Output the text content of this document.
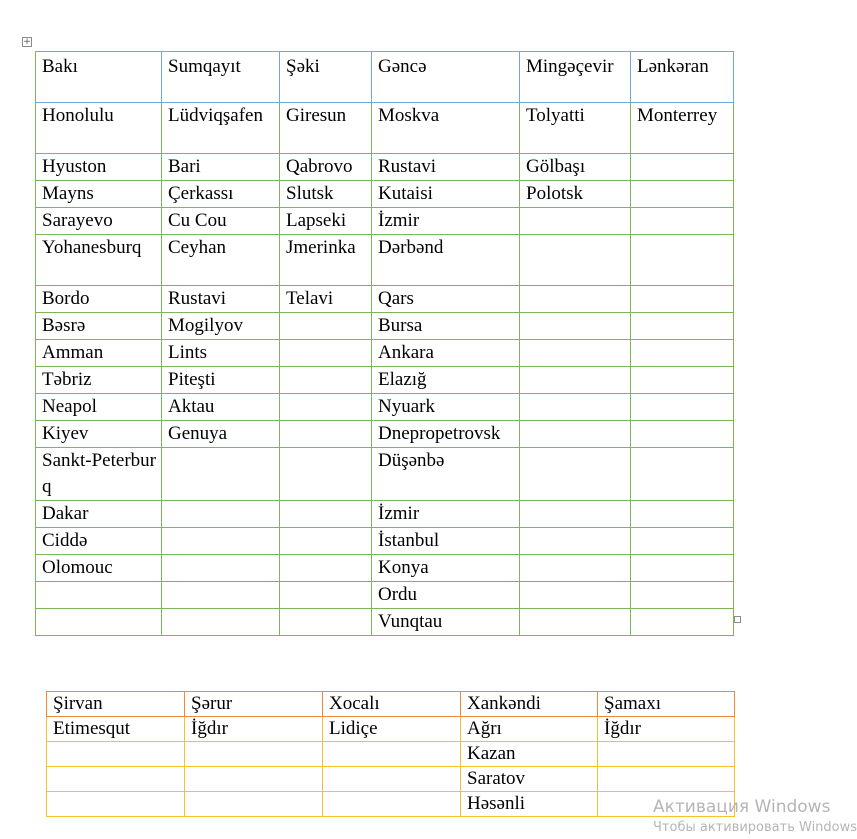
+
Bakı	Sumqayıt	Şəki	Gəncə	Mingəçevir	Lənkəran
Honolulu	Lüdviqşafen	Giresun	Moskva	Tolyatti	Monterrey
Hyuston	Bari	Qabrovo	Rustavi	Gölbaşı	
Mayns	Çerkassı	Slutsk	Kutaisi	Polotsk	
Sarayevo	Cu Cou	Lapseki	İzmir		
Yohanesburq	Ceyhan	Jmerinka	Dərbənd		
Bordo	Rustavi	Telavi	Qars		
Bəsrə	Mogilyov		Bursa		
Amman	Lints		Ankara		
Təbriz	Piteşti		Elazığ		
Neapol	Aktau		Nyuark		
Kiyev	Genuya		Dnepropetrovsk		
Sankt-Peterburq			Düşənbə		
Dakar			İzmir		
Ciddə			İstanbul		
Olomouc			Konya		
			Ordu		
			Vunqtau		
Şirvan	Şərur	Xocalı	Xankəndi	Şamaxı
Etimesqut	İğdır	Lidiçe	Ağrı	İğdır
			Kazan	
			Saratov	
			Həsənli		Активация Windows
Чтобы активировать Windows
